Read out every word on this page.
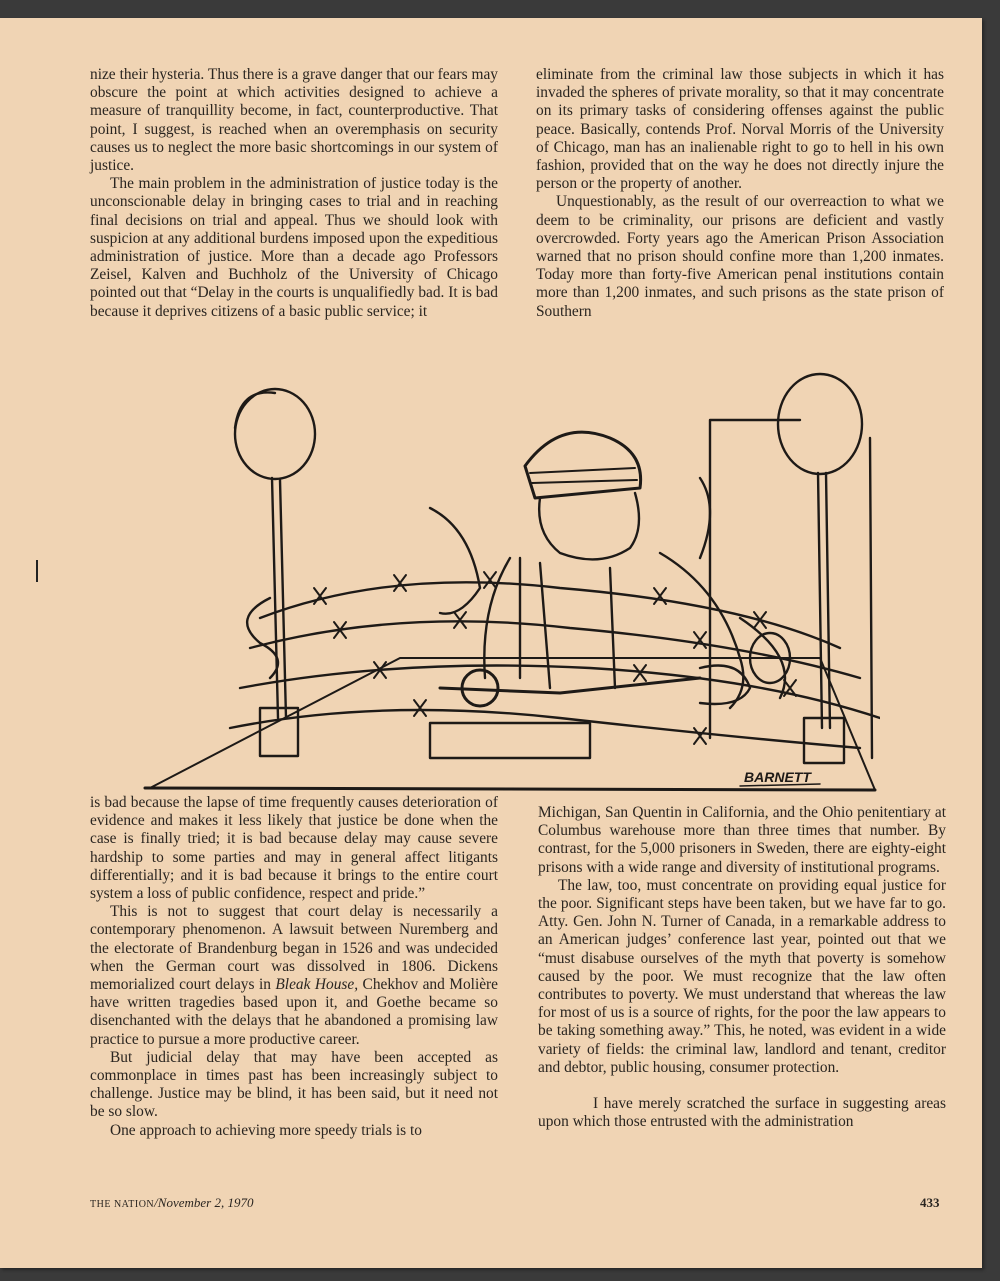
nize their hysteria. Thus there is a grave danger that our fears may obscure the point at which activities designed to achieve a measure of tranquillity become, in fact, counterproductive. That point, I suggest, is reached when an overemphasis on security causes us to neglect the more basic shortcomings in our system of justice.

The main problem in the administration of justice today is the unconscionable delay in bringing cases to trial and in reaching final decisions on trial and appeal. Thus we should look with suspicion at any additional burdens imposed upon the expeditious administration of justice. More than a decade ago Professors Zeisel, Kalven and Buchholz of the University of Chicago pointed out that “Delay in the courts is unqualifiedly bad. It is bad because it deprives citizens of a basic public service; it

eliminate from the criminal law those subjects in which it has invaded the spheres of private morality, so that it may concentrate on its primary tasks of considering offenses against the public peace. Basically, contends Prof. Norval Morris of the University of Chicago, man has an inalienable right to go to hell in his own fashion, provided that on the way he does not directly injure the person or the property of another.

Unquestionably, as the result of our overreaction to what we deem to be criminality, our prisons are deficient and vastly overcrowded. Forty years ago the American Prison Association warned that no prison should confine more than 1,200 inmates. Today more than forty-five American penal institutions contain more than 1,200 inmates, and such prisons as the state prison of Southern

BARNETT

is bad because the lapse of time frequently causes deterioration of evidence and makes it less likely that justice be done when the case is finally tried; it is bad because delay may cause severe hardship to some parties and may in general affect litigants differentially; and it is bad because it brings to the entire court system a loss of public confidence, respect and pride.”

This is not to suggest that court delay is necessarily a contemporary phenomenon. A lawsuit between Nuremberg and the electorate of Brandenburg began in 1526 and was undecided when the German court was dissolved in 1806. Dickens memorialized court delays in Bleak House, Chekhov and Molière have written tragedies based upon it, and Goethe became so disenchanted with the delays that he abandoned a promising law practice to pursue a more productive career.

But judicial delay that may have been accepted as commonplace in times past has been increasingly subject to challenge. Justice may be blind, it has been said, but it need not be so slow.

One approach to achieving more speedy trials is to

Michigan, San Quentin in California, and the Ohio penitentiary at Columbus warehouse more than three times that number. By contrast, for the 5,000 prisoners in Sweden, there are eighty-eight prisons with a wide range and diversity of institutional programs.

The law, too, must concentrate on providing equal justice for the poor. Significant steps have been taken, but we have far to go. Atty. Gen. John N. Turner of Canada, in a remarkable address to an American judges’ conference last year, pointed out that we “must disabuse ourselves of the myth that poverty is somehow caused by the poor. We must recognize that the law often contributes to poverty. We must understand that whereas the law for most of us is a source of rights, for the poor the law appears to be taking something away.” This, he noted, was evident in a wide variety of fields: the criminal law, landlord and tenant, creditor and debtor, public housing, consumer protection.

I have merely scratched the surface in suggesting areas upon which those entrusted with the administration

THE NATION/November 2, 1970	433
